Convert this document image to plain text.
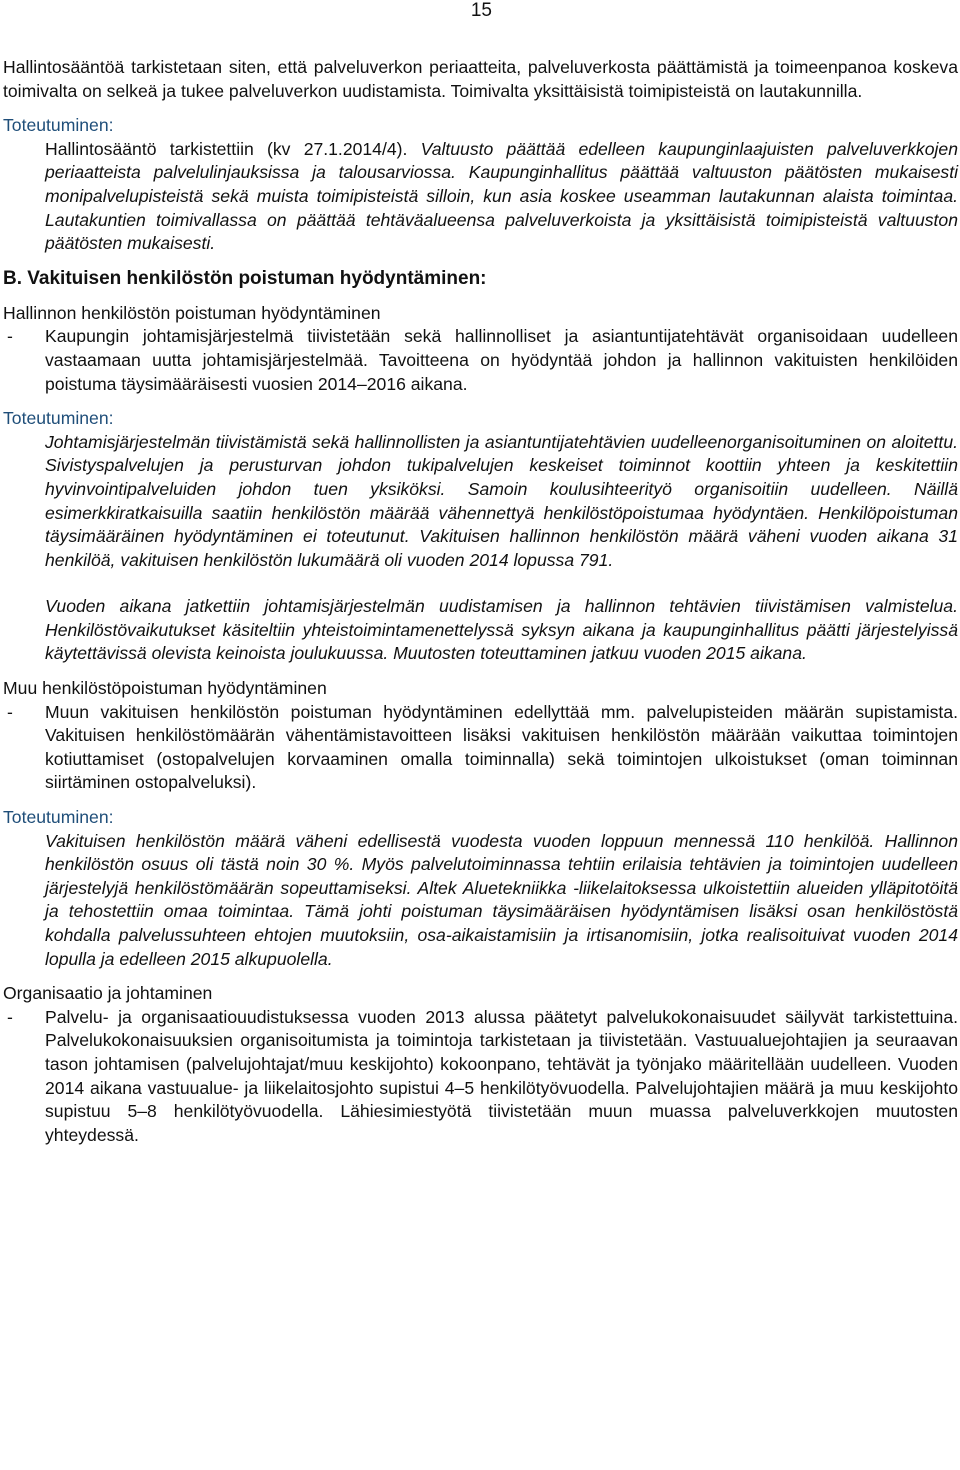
15

Hallintosääntöä tarkistetaan siten, että palveluverkon periaatteita, palveluverkosta päättämistä ja toimeenpanoa koskeva toimivalta on selkeä ja tukee palveluverkon uudistamista. Toimivalta yksittäisistä toimipisteistä on lautakunnilla.

Toteutuminen:

Hallintosääntö tarkistettiin (kv 27.1.2014/4). Valtuusto päättää edelleen kaupunginlaajuisten palveluverkkojen periaatteista palvelulinjauksissa ja talousarviossa. Kaupunginhallitus päättää valtuuston päätösten mukaisesti monipalvelupisteistä sekä muista toimipisteistä silloin, kun asia koskee useamman lautakunnan alaista toimintaa. Lautakuntien toimivallassa on päättää tehtäväalueensa palveluverkoista ja yksittäisistä toimipisteistä valtuuston päätösten mukaisesti.

B. Vakituisen henkilöstön poistuman hyödyntäminen:

Hallinnon henkilöstön poistuman hyödyntäminen

- Kaupungin johtamisjärjestelmä tiivistetään sekä hallinnolliset ja asiantuntijatehtävät organisoidaan uudelleen vastaamaan uutta johtamisjärjestelmää. Tavoitteena on hyödyntää johdon ja hallinnon vakituisten henkilöiden poistuma täysimääräisesti vuosien 2014–2016 aikana.

Toteutuminen:

Johtamisjärjestelmän tiivistämistä sekä hallinnollisten ja asiantuntijatehtävien uudelleenorganisoituminen on aloitettu. Sivistyspalvelujen ja perusturvan johdon tukipalvelujen keskeiset toiminnot koottiin yhteen ja keskitettiin hyvinvointipalveluiden johdon tuen yksiköksi. Samoin koulusihteerityö organisoitiin uudelleen. Näillä esimerkkiratkaisuilla saatiin henkilöstön määrää vähennettyä henkilöstöpoistumaa hyödyntäen. Henkilöpoistuman täysimääräinen hyödyntäminen ei toteutunut. Vakituisen hallinnon henkilöstön määrä väheni vuoden aikana 31 henkilöä, vakituisen henkilöstön lukumäärä oli vuoden 2014 lopussa 791.

Vuoden aikana jatkettiin johtamisjärjestelmän uudistamisen ja hallinnon tehtävien tiivistämisen valmistelua. Henkilöstövaikutukset käsiteltiin yhteistoimintamenettelyssä syksyn aikana ja kaupunginhallitus päätti järjestelyissä käytettävissä olevista keinoista joulukuussa. Muutosten toteuttaminen jatkuu vuoden 2015 aikana.

Muu henkilöstöpoistuman hyödyntäminen

- Muun vakituisen henkilöstön poistuman hyödyntäminen edellyttää mm. palvelupisteiden määrän supistamista. Vakituisen henkilöstömäärän vähentämistavoitteen lisäksi vakituisen henkilöstön määrään vaikuttaa toimintojen kotiuttamiset (ostopalvelujen korvaaminen omalla toiminnalla) sekä toimintojen ulkoistukset (oman toiminnan siirtäminen ostopalveluksi).

Toteutuminen:

Vakituisen henkilöstön määrä väheni edellisestä vuodesta vuoden loppuun mennessä 110 henkilöä. Hallinnon henkilöstön osuus oli tästä noin 30 %. Myös palvelutoiminnassa tehtiin erilaisia tehtävien ja toimintojen uudelleen järjestelyjä henkilöstömäärän sopeuttamiseksi. Altek Aluetekniikka -liikelaitoksessa ulkoistettiin alueiden ylläpitotöitä ja tehostettiin omaa toimintaa. Tämä johti poistuman täysimääräisen hyödyntämisen lisäksi osan henkilöstöstä kohdalla palvelussuhteen ehtojen muutoksiin, osa-aikaistamisiin ja irtisanomisiin, jotka realisoituivat vuoden 2014 lopulla ja edelleen 2015 alkupuolella.

Organisaatio ja johtaminen

- Palvelu- ja organisaatiouudistuksessa vuoden 2013 alussa päätetyt palvelukokonaisuudet säilyvät tarkistettuina. Palvelukokonaisuuksien organisoitumista ja toimintoja tarkistetaan ja tiivistetään. Vastuualuejohtajien ja seuraavan tason johtamisen (palvelujohtajat/muu keskijohto) kokoonpano, tehtävät ja työnjako määritellään uudelleen. Vuoden 2014 aikana vastuualue- ja liikelaitosjohto supistui 4–5 henkilötyövuodella. Palvelujohtajien määrä ja muu keskijohto supistuu 5–8 henkilötyövuodella. Lähiesimiestyötä tiivistetään muun muassa palveluverkkojen muutosten yhteydessä.
